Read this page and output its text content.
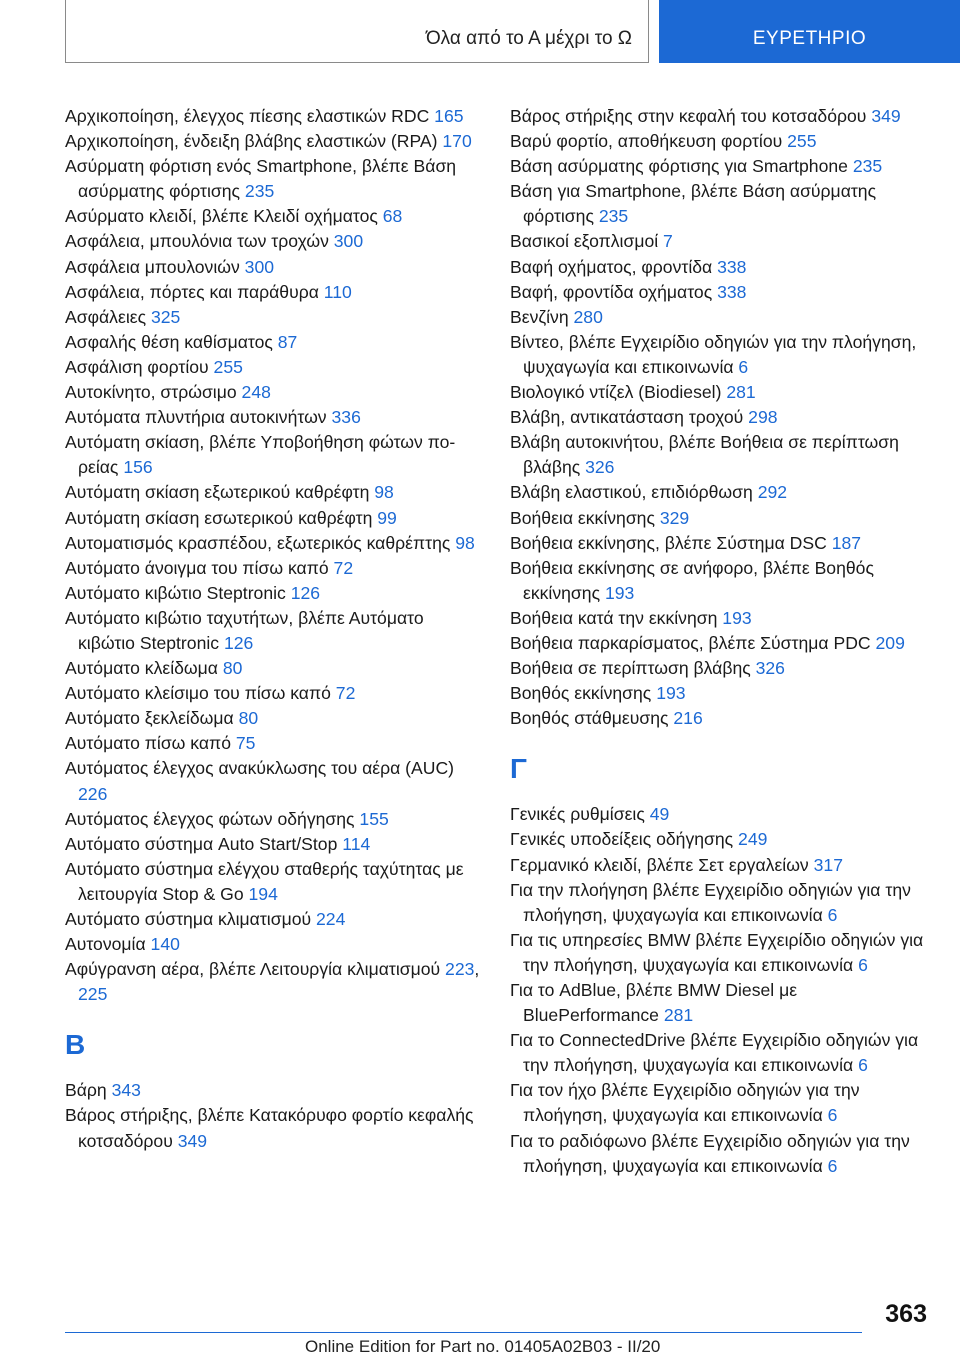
Όλα από το Α μέχρι το Ω	ΕΥΡΕΤΗΡΙΟ

Αρχικοποίηση, έλεγχος πίεσης ελαστικών RDC 165

Αρχικοποίηση, ένδειξη βλάβης ελαστικών (RPA) 170

Ασύρματη φόρτιση ενός Smartphone, βλέπε Βάση ασύρματης φόρτισης 235

Ασύρματο κλειδί, βλέπε Κλειδί οχήματος 68

Ασφάλεια, μπουλόνια των τροχών 300

Ασφάλεια μπουλονιών 300

Ασφάλεια, πόρτες και παράθυρα 110

Ασφάλειες 325

Ασφαλής θέση καθίσματος 87

Ασφάλιση φορτίου 255

Αυτοκίνητο, στρώσιμο 248

Αυτόματα πλυντήρια αυτοκινήτων 336

Αυτόματη σκίαση, βλέπε Υποβοήθηση φώτων πορείας 156

Αυτόματη σκίαση εξωτερικού καθρέφτη 98

Αυτόματη σκίαση εσωτερικού καθρέφτη 99

Αυτοματισμός κρασπέδου, εξωτερικός καθρέπτης 98

Αυτόματο άνοιγμα του πίσω καπό 72

Αυτόματο κιβώτιο Steptronic 126

Αυτόματο κιβώτιο ταχυτήτων, βλέπε Αυτόματο κιβώτιο Steptronic 126

Αυτόματο κλείδωμα 80

Αυτόματο κλείσιμο του πίσω καπό 72

Αυτόματο ξεκλείδωμα 80

Αυτόματο πίσω καπό 75

Αυτόματος έλεγχος ανακύκλωσης του αέρα (AUC) 226

Αυτόματος έλεγχος φώτων οδήγησης 155

Αυτόματο σύστημα Auto Start/Stop 114

Αυτόματο σύστημα ελέγχου σταθερής ταχύτητας με λειτουργία Stop & Go 194

Αυτόματο σύστημα κλιματισμού 224

Αυτονομία 140

Αφύγρανση αέρα, βλέπε Λειτουργία κλιματισμού 223, 225

Β

Βάρη 343

Βάρος στήριξης, βλέπε Κατακόρυφο φορτίο κεφαλής κοτσαδόρου 349

Βάρος στήριξης στην κεφαλή του κοτσαδόρου 349

Βαρύ φορτίο, αποθήκευση φορτίου 255

Βάση ασύρματης φόρτισης για Smartphone 235

Βάση για Smartphone, βλέπε Βάση ασύρματης φόρτισης 235

Βασικοί εξοπλισμοί 7

Βαφή οχήματος, φροντίδα 338

Βαφή, φροντίδα οχήματος 338

Βενζίνη 280

Βίντεο, βλέπε Εγχειρίδιο οδηγιών για την πλοήγηση, ψυχαγωγία και επικοινωνία 6

Βιολογικό ντίζελ (Biodiesel) 281

Βλάβη, αντικατάσταση τροχού 298

Βλάβη αυτοκινήτου, βλέπε Βοήθεια σε περίπτωση βλάβης 326

Βλάβη ελαστικού, επιδιόρθωση 292

Βοήθεια εκκίνησης 329

Βοήθεια εκκίνησης, βλέπε Σύστημα DSC 187

Βοήθεια εκκίνησης σε ανήφορο, βλέπε Βοηθός εκκίνησης 193

Βοήθεια κατά την εκκίνηση 193

Βοήθεια παρκαρίσματος, βλέπε Σύστημα PDC 209

Βοήθεια σε περίπτωση βλάβης 326

Βοηθός εκκίνησης 193

Βοηθός στάθμευσης 216

Γ

Γενικές ρυθμίσεις 49

Γενικές υποδείξεις οδήγησης 249

Γερμανικό κλειδί, βλέπε Σετ εργαλείων 317

Για την πλοήγηση βλέπε Εγχειρίδιο οδηγιών για την πλοήγηση, ψυχαγωγία και επικοινωνία 6

Για τις υπηρεσίες BMW βλέπε Εγχειρίδιο οδηγιών για την πλοήγηση, ψυχαγωγία και επικοινωνία 6

Για το AdBlue, βλέπε BMW Diesel με BluePerformance 281

Για το ConnectedDrive βλέπε Εγχειρίδιο οδηγιών για την πλοήγηση, ψυχαγωγία και επικοινωνία 6

Για τον ήχο βλέπε Εγχειρίδιο οδηγιών για την πλοήγηση, ψυχαγωγία και επικοινωνία 6

Για το ραδιόφωνο βλέπε Εγχειρίδιο οδηγιών για την πλοήγηση, ψυχαγωγία και επικοινωνία 6

363
Online Edition for Part no. 01405A02B03 - II/20
